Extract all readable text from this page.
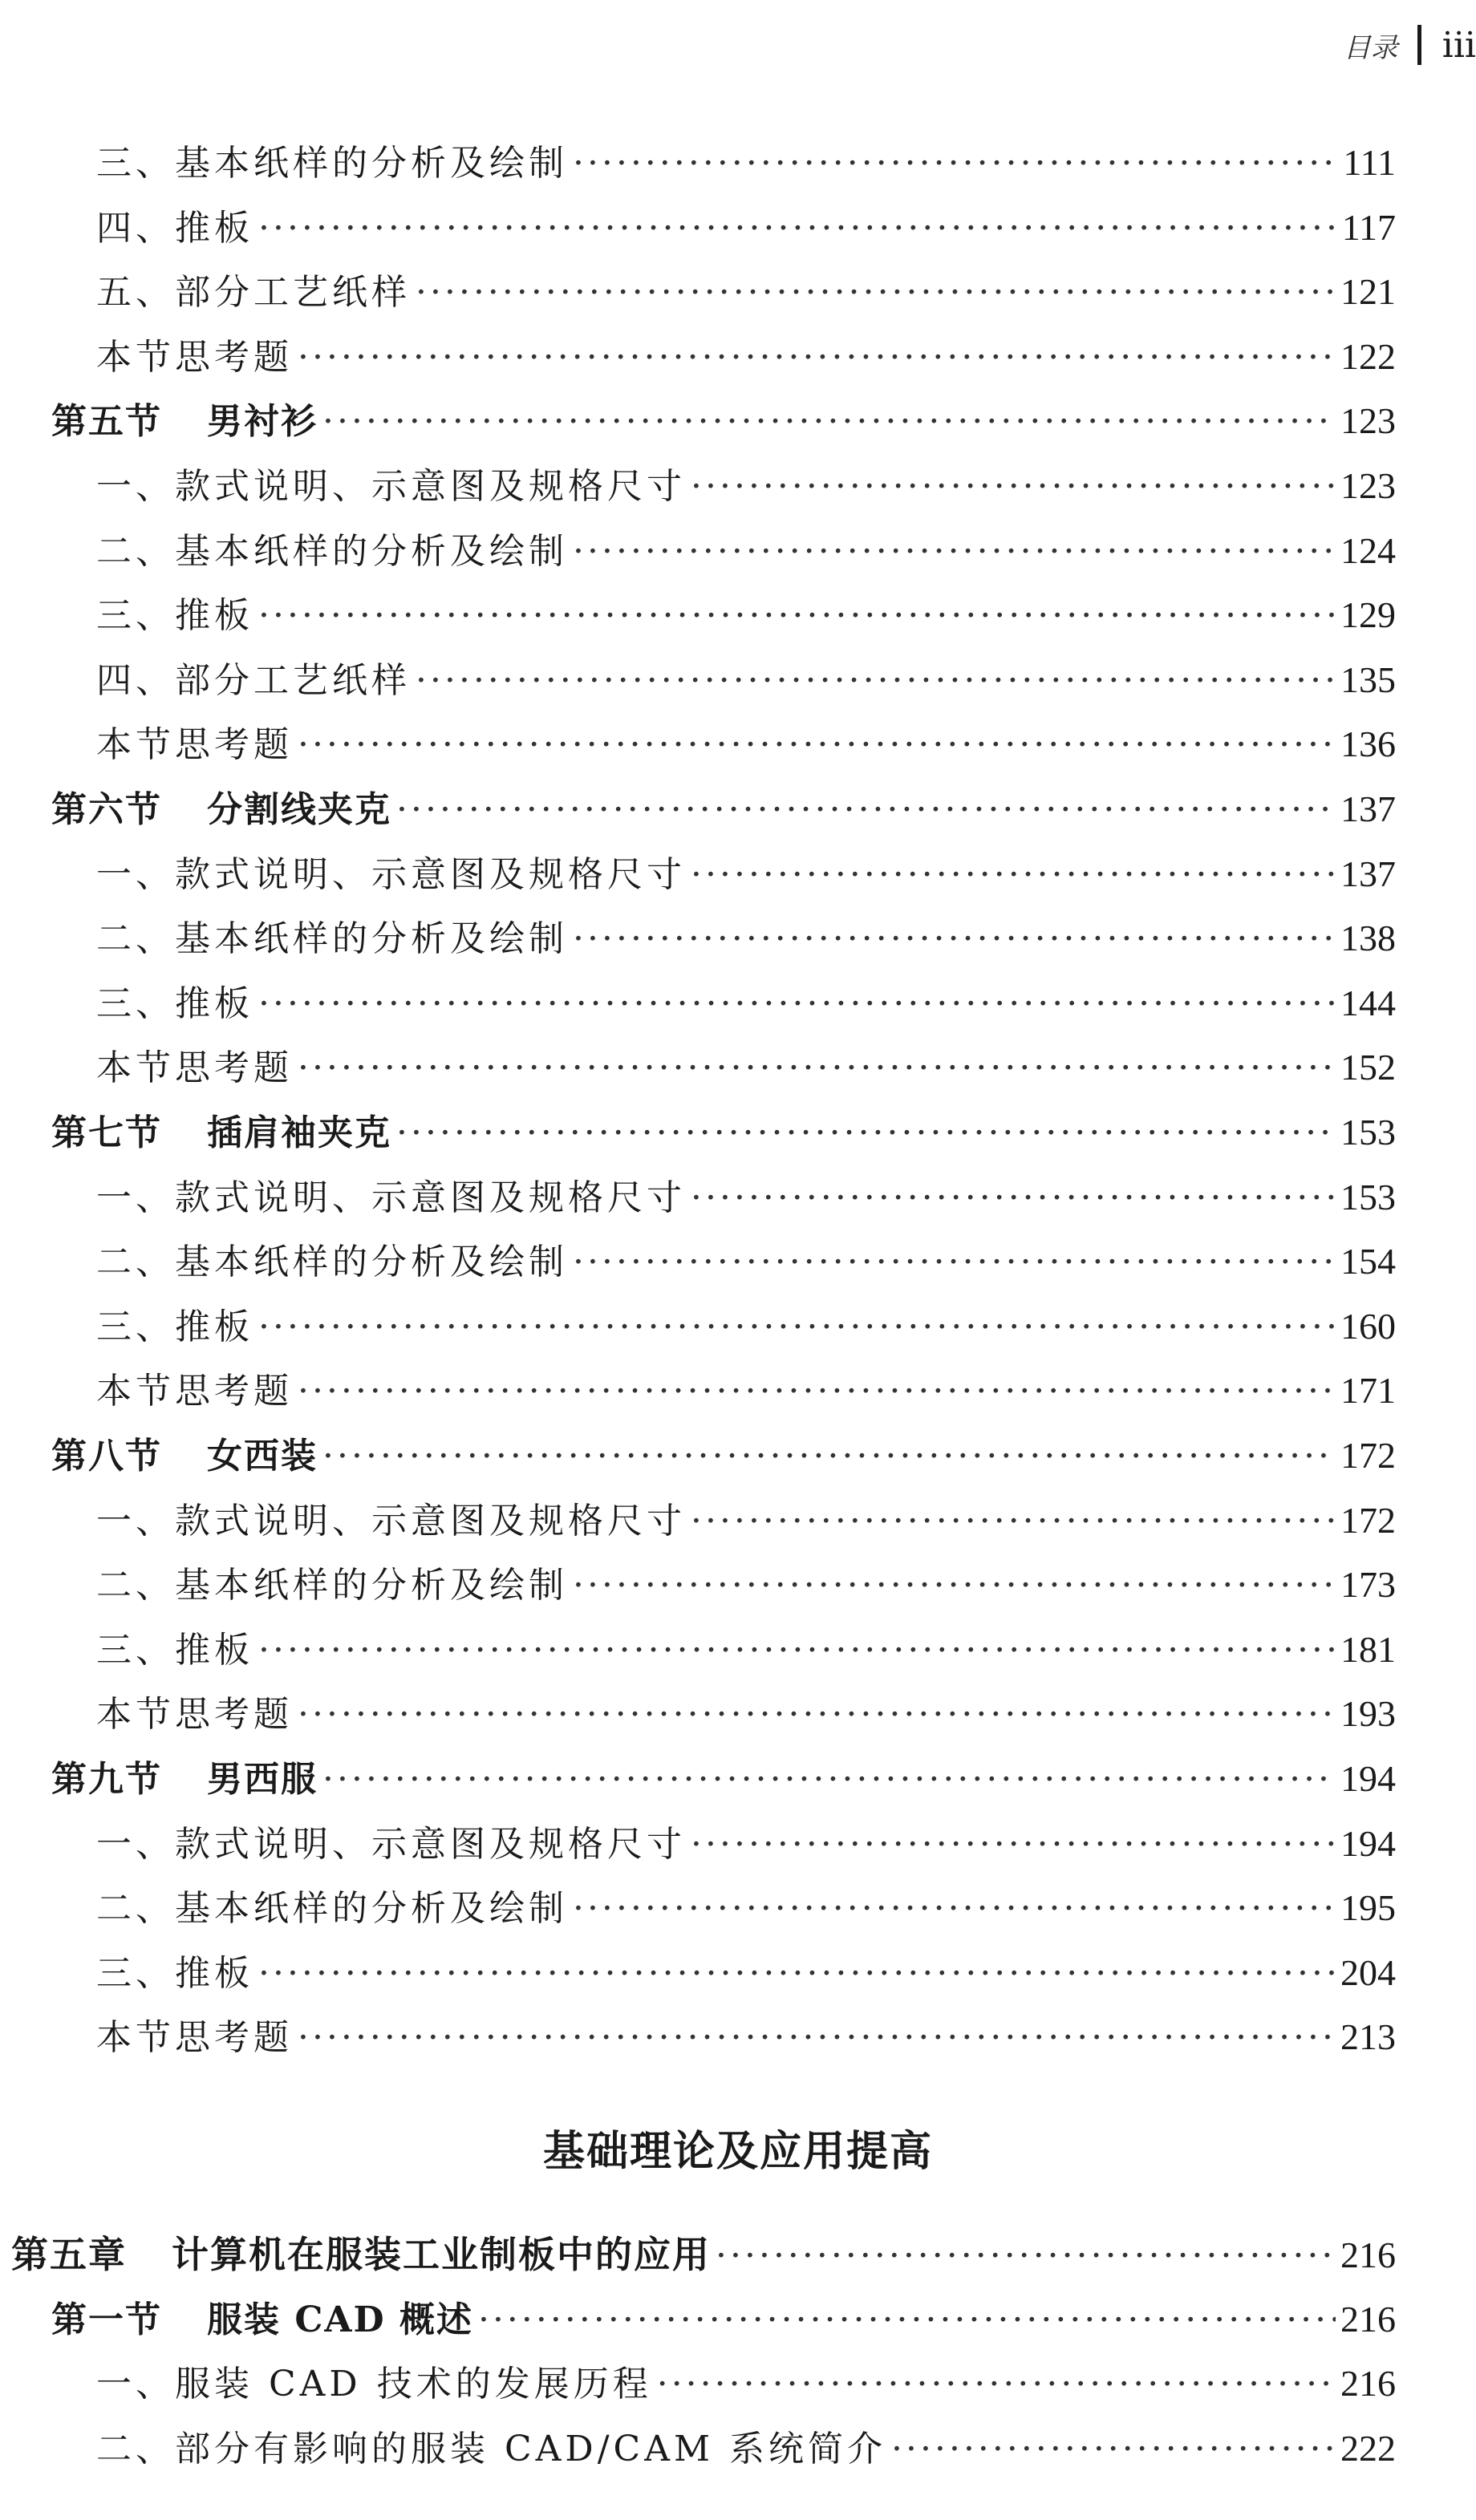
目录 iii
三、基本纸样的分析及绘制 ·····	111
四、推板 ·····	117
五、部分工艺纸样 ·····	121
本节思考题 ·····	122
第五节 男衬衫 ·····	123
一、款式说明、示意图及规格尺寸 ·····	123
二、基本纸样的分析及绘制 ·····	124
三、推板 ·····	129
四、部分工艺纸样 ·····	135
本节思考题 ·····	136
第六节 分割线夹克 ·····	137
一、款式说明、示意图及规格尺寸 ·····	137
二、基本纸样的分析及绘制 ·····	138
三、推板 ·····	144
本节思考题 ·····	152
第七节 插肩袖夹克 ·····	153
一、款式说明、示意图及规格尺寸 ·····	153
二、基本纸样的分析及绘制 ·····	154
三、推板 ·····	160
本节思考题 ·····	171
第八节 女西装 ·····	172
一、款式说明、示意图及规格尺寸 ·····	172
二、基本纸样的分析及绘制 ·····	173
三、推板 ·····	181
本节思考题 ·····	193
第九节 男西服 ·····	194
一、款式说明、示意图及规格尺寸 ·····	194
二、基本纸样的分析及绘制 ·····	195
三、推板 ·····	204
本节思考题 ·····	213
基础理论及应用提高
第五章 计算机在服装工业制板中的应用 ·····	216
第一节 服装 CAD 概述 ·····	216
一、服装 CAD 技术的发展历程 ·····	216
二、部分有影响的服装 CAD/CAM 系统简介 ·····	222
